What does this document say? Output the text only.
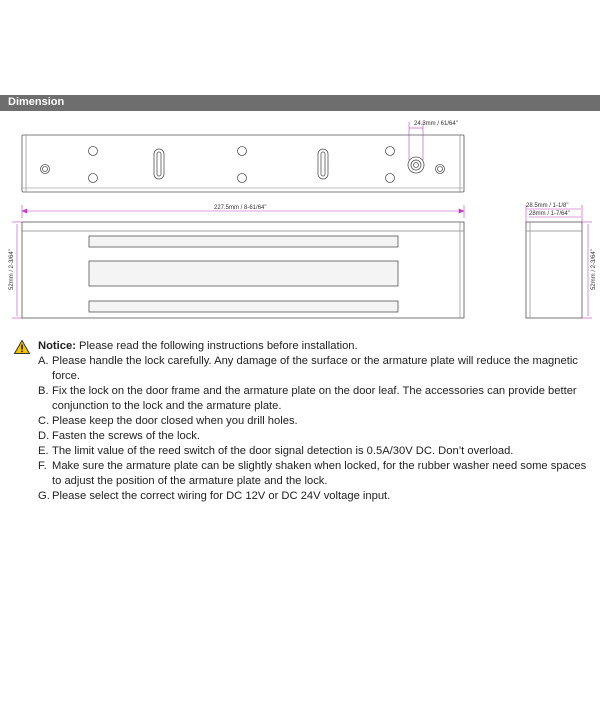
Dimension
24.3mm / 61/64"
227.5mm / 8-61/64"
52mm / 2-3/64"
28.5mm / 1-1/8"
28mm / 1-7/64"
52mm / 2-3/64"
Notice: Please read the following instructions before installation.
A. Please handle the lock carefully. Any damage of the surface or the armature plate will reduce the magnetic force.
B. Fix the lock on the door frame and the armature plate on the door leaf. The accessories can provide better conjunction to the lock and the armature plate.
C. Please keep the door closed when you drill holes.
D. Fasten the screws of the lock.
E. The limit value of the reed switch of the door signal detection is 0.5A/30V DC. Don’t overload.
F. Make sure the armature plate can be slightly shaken when locked, for the rubber washer need some spaces to adjust the position of the armature plate and the lock.
G. Please select the correct wiring for DC 12V or DC 24V voltage input.
